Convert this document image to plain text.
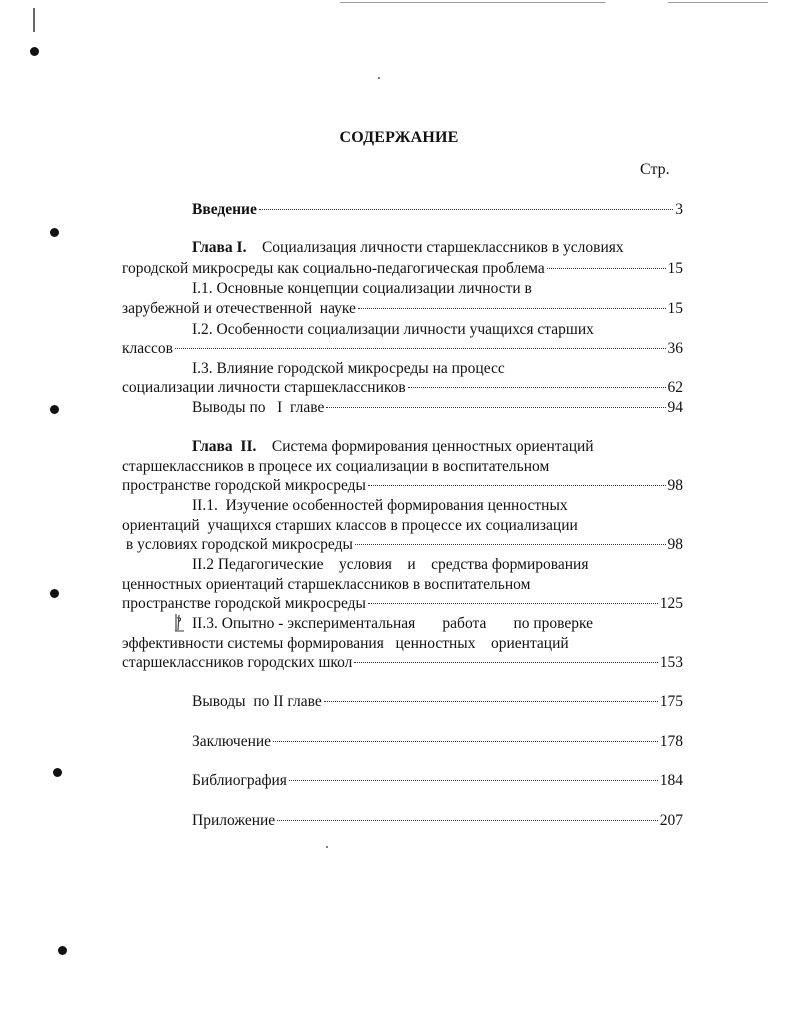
СОДЕРЖАНИЕ
Стр.
Введение	3
Глава I. Социализация личности старшеклассников в условиях
городской микросреды как социально-педагогическая проблема	15
I.1. Основные концепции социализации личности в
зарубежной и отечественной  науке	15
I.2. Особенности социализации личности учащихся старших
классов	36
I.3. Влияние городской микросреды на процесс
социализации личности старшеклассников	62
Выводы по   I  главе	94
Глава  II. Система формирования ценностных ориентаций
старшеклассников в процесе их социализации в воспитательном
пространстве городской микросреды	98
II.1.  Изучение особенностей формирования ценностных
ориентаций  учащихся старших классов в процессе их социализации
в условиях городской микросреды	98
II.2 Педагогические    условия    и    средства формирования
ценностных ориентаций старшеклассников в воспитательном
пространстве городской микросреды	125
II.3. Опытно - экспериментальная       работа       по проверке
эффективности системы формирования   ценностных    ориентаций
старшеклассников городских школ	153
Выводы  по II главе	175
Заключение	178
Библиография	184
Приложение	207
